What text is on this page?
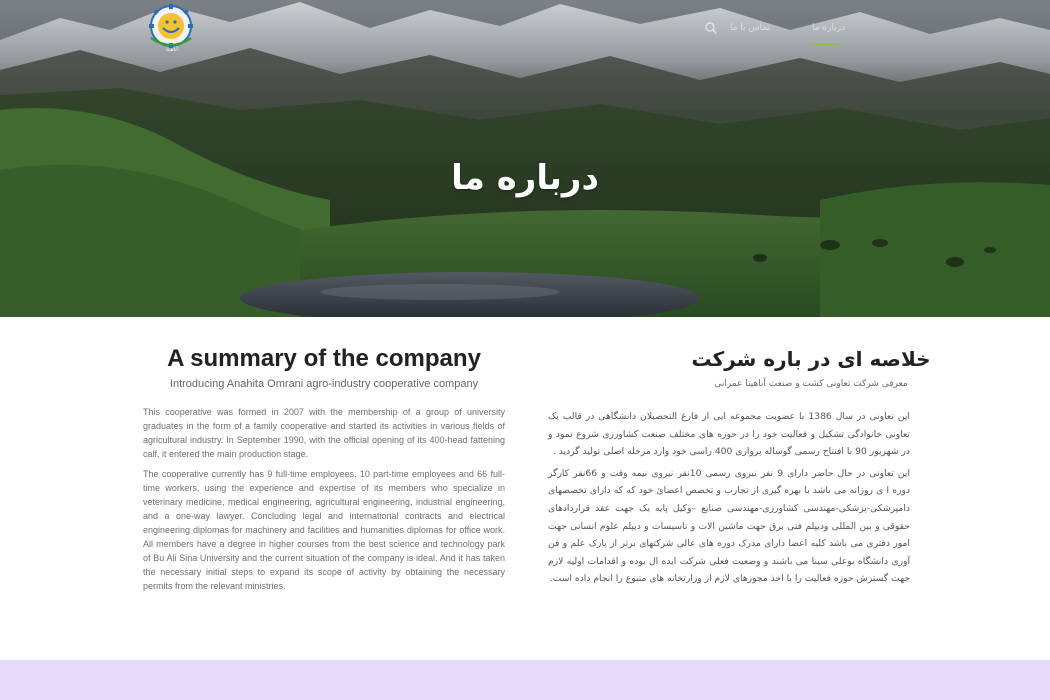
آناهیتا
تماس با ما	درباره ما
درباره ما
A summary of the company
Introducing Anahita Omrani agro-industry cooperative company

This cooperative was formed in 2007 with the membership of a group of university graduates in the form of a family cooperative and started its activities in various fields of agricultural industry. In September 1990, with the official opening of its 400-head fattening calf, it entered the main production stage.

The cooperative currently has 9 full-time employees, 10 part-time employees and 66 full-time workers, using the experience and expertise of its members who specialize in veterinary medicine, medical engineering, agricultural engineering, industrial engineering, and a one-way lawyer. Concluding legal and international contracts and electrical engineering diplomas for machinery and facilities and humanities diplomas for office work. All members have a degree in higher courses from the best science and technology park of Bu Ali Sina University and the current situation of the company is ideal. And it has taken the necessary initial steps to expand its scope of activity by obtaining the necessary permits from the relevant ministries.

خلاصه ای در باره شرکت
معرفی شرکت تعاونی کشت و صنعت آناهیتا عمرانی

این تعاونی در سال 1386 با عضویت مجموعه ایی از فارغ التحصیلان دانشگاهی در قالب یک تعاونی خانوادگی تشکیل و فعالیت خود را در حوزه های مختلف صنعت کشاورزی شروع نمود و در شهریور 90 با افتتاح رسمی گوساله پرواری 400 راسی خود وارد مرحله اصلی تولید گردید .

این تعاونی در حال حاضر دارای 9 نفر نیروی رسمی 10نفر نیروی نیمه وقت و 66نفر کارگر دوره ا ی روزانه می باشد با بهره گیری از تجارب و تخصص اعضائ خود که که دارای تخصصهای دامپزشکی-پزشکی-مهندسی کشاورزی-مهندسی صنایع –وکیل پایه یک جهت عقد قراردادهای حقوقی و بین المللی ودیپلم فنی برق جهت ماشین الات و تاسیسات و دیپلم علوم انسانی جهت امور دفتری می باشد کلیه اعضا دارای مدرک دوره های عالی شرکتهای برتر از پارک علم و فن آوری دانشگاه بوعلی سینا می باشند و وضعیت فعلی شرکت ایده ال بوده و اقدامات اولیه لازم جهت گسترش حوزه فعالیت را با اخذ مجوزهای لازم از وزارتخانه های متبوع را انجام داده است.
